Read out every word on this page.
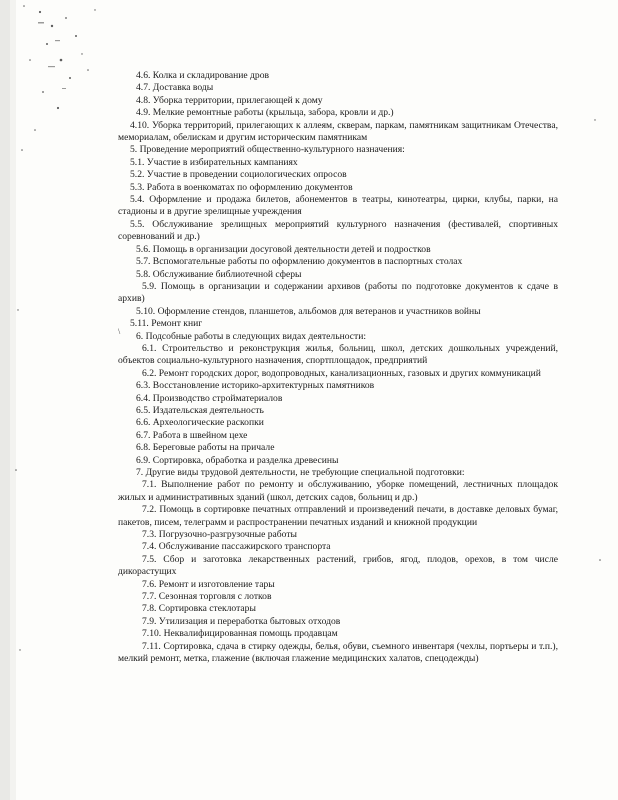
\
4.6. Колка и складирование дров
4.7. Доставка воды
4.8. Уборка территории, прилегающей к дому
4.9. Мелкие ремонтные работы (крыльца, забора, кровли и др.)
4.10. Уборка территорий, прилегающих к аллеям, скверам, паркам, памятникам защитникам Отечества, мемориалам, обелискам и другим историческим памятникам
5. Проведение мероприятий общественно-культурного назначения:
5.1. Участие в избирательных кампаниях
5.2. Участие в проведении социологических опросов
5.3. Работа в военкоматах по оформлению документов
5.4. Оформление и продажа билетов, абонементов в театры, кинотеатры, цирки, клубы, парки, на стадионы и в другие зрелищные учреждения
5.5. Обслуживание зрелищных мероприятий культурного назначения (фестивалей, спортивных соревнований и др.)
5.6. Помощь в организации досуговой деятельности детей и подростков
5.7. Вспомогательные работы по оформлению документов в паспортных столах
5.8. Обслуживание библиотечной сферы
5.9. Помощь в организации и содержании архивов (работы по подготовке документов к сдаче в архив)
5.10. Оформление стендов, планшетов, альбомов для ветеранов и участников войны
5.11. Ремонт книг
6. Подсобные работы в следующих видах деятельности:
6.1. Строительство и реконструкция жилья, больниц, школ, детских дошкольных учреждений, объектов социально-культурного назначения, спортплощадок, предприятий
6.2. Ремонт городских дорог, водопроводных, канализационных, газовых и других коммуникаций
6.3. Восстановление историко-архитектурных памятников
6.4. Производство стройматериалов
6.5. Издательская деятельность
6.6. Археологические раскопки
6.7. Работа в швейном цехе
6.8. Береговые работы на причале
6.9. Сортировка, обработка и разделка древесины
7. Другие виды трудовой деятельности, не требующие специальной подготовки:
7.1. Выполнение работ по ремонту и обслуживанию, уборке помещений, лестничных площадок жилых и административных зданий (школ, детских садов, больниц и др.)
7.2. Помощь в сортировке печатных отправлений и произведений печати, в доставке деловых бумаг, пакетов, писем, телеграмм и распространении печатных изданий и книжной продукции
7.3. Погрузочно-разгрузочные работы
7.4. Обслуживание пассажирского транспорта
7.5. Сбор и заготовка лекарственных растений, грибов, ягод, плодов, орехов, в том числе дикорастущих
7.6. Ремонт и изготовление тары
7.7. Сезонная торговля с лотков
7.8. Сортировка стеклотары
7.9. Утилизация и переработка бытовых отходов
7.10. Неквалифицированная помощь продавцам
7.11. Сортировка, сдача в стирку одежды, белья, обуви, съемного инвентаря (чехлы, портьеры и т.п.), мелкий ремонт, метка, глажение (включая глажение медицинских халатов, спецодежды)
